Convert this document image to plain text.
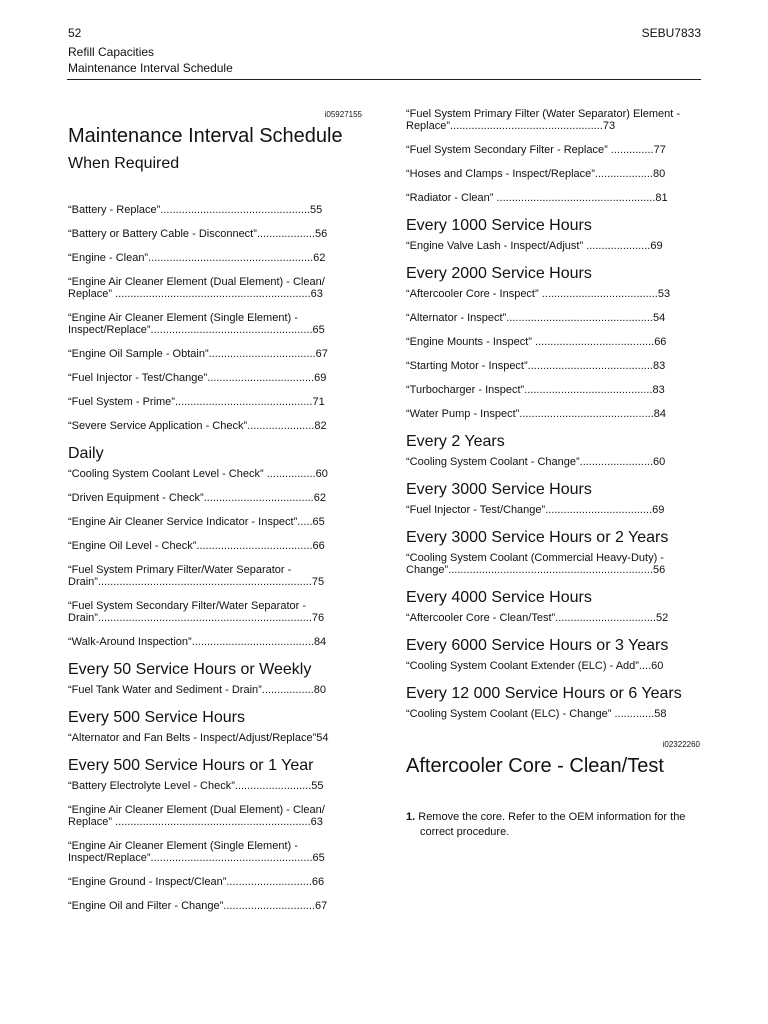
52	SEBU7833
Refill Capacities
Maintenance Interval Schedule
i05927155
Maintenance Interval Schedule
When Required
“Battery - Replace”.................................................55
“Battery or Battery Cable - Disconnect”...................56
“Engine - Clean”......................................................62
“Engine Air Cleaner Element (Dual Element) - Clean/ Replace” ................................................................63
“Engine Air Cleaner Element (Single Element) - Inspect/Replace”.....................................................65
“Engine Oil Sample - Obtain”...................................67
“Fuel Injector - Test/Change”...................................69
“Fuel System - Prime”.............................................71
“Severe Service Application - Check”......................82
Daily
“Cooling System Coolant Level - Check” ................60
“Driven Equipment - Check”....................................62
“Engine Air Cleaner Service Indicator - Inspect”.....65
“Engine Oil Level - Check”......................................66
“Fuel System Primary Filter/Water Separator - Drain”......................................................................75
“Fuel System Secondary Filter/Water Separator - Drain”......................................................................76
“Walk-Around Inspection”........................................84
Every 50 Service Hours or Weekly
“Fuel Tank Water and Sediment - Drain”.................80
Every 500 Service Hours
“Alternator and Fan Belts - Inspect/Adjust/Replace”54
Every 500 Service Hours or 1 Year
“Battery Electrolyte Level - Check”.........................55
“Engine Air Cleaner Element (Dual Element) - Clean/ Replace” ................................................................63
“Engine Air Cleaner Element (Single Element) - Inspect/Replace”.....................................................65
“Engine Ground - Inspect/Clean”............................66
“Engine Oil and Filter - Change”..............................67
“Fuel System Primary Filter (Water Separator) Element - Replace”..................................................73
“Fuel System Secondary Filter - Replace” ..............77
“Hoses and Clamps - Inspect/Replace”...................80
“Radiator - Clean” ....................................................81
Every 1000 Service Hours
“Engine Valve Lash - Inspect/Adjust” .....................69
Every 2000 Service Hours
“Aftercooler Core - Inspect” ......................................53
“Alternator - Inspect”................................................54
“Engine Mounts - Inspect” .......................................66
“Starting Motor - Inspect”.........................................83
“Turbocharger - Inspect”..........................................83
“Water Pump - Inspect”............................................84
Every 2 Years
“Cooling System Coolant - Change”........................60
Every 3000 Service Hours
“Fuel Injector - Test/Change”...................................69
Every 3000 Service Hours or 2 Years
“Cooling System Coolant (Commercial Heavy-Duty) - Change”...................................................................56
Every 4000 Service Hours
“Aftercooler Core - Clean/Test”.................................52
Every 6000 Service Hours or 3 Years
“Cooling System Coolant Extender (ELC) - Add”....60
Every 12 000 Service Hours or 6 Years
“Cooling System Coolant (ELC) - Change” .............58
i02322260
Aftercooler Core - Clean/Test
1. Remove the core. Refer to the OEM information for the correct procedure.
